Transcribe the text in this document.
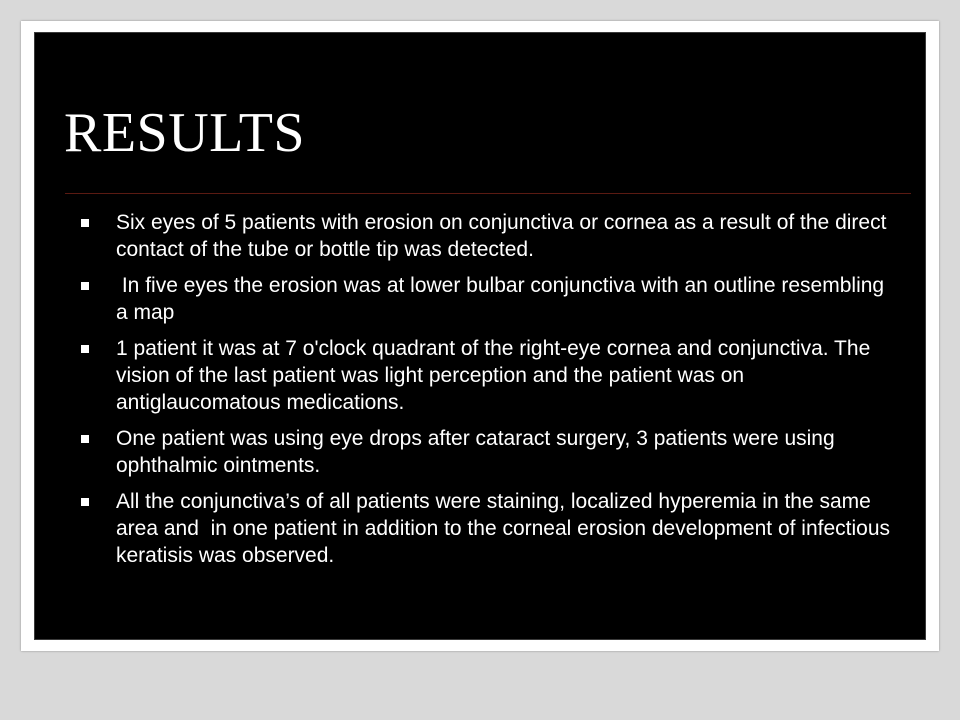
RESULTS
Six eyes of 5 patients with erosion on conjunctiva or cornea as a result of the direct contact of the tube or bottle tip was detected.
In five eyes the erosion was at lower bulbar conjunctiva with an outline resembling a map
1 patient it was at 7 o'clock quadrant of the right-eye cornea and conjunctiva. The vision of the last patient was light perception and the patient was on antiglaucomatous medications.
One patient was using eye drops after cataract surgery, 3 patients were using ophthalmic ointments.
All the conjunctiva’s of all patients were staining, localized hyperemia in the same area and  in one patient in addition to the corneal erosion development of infectious keratisis was observed.
